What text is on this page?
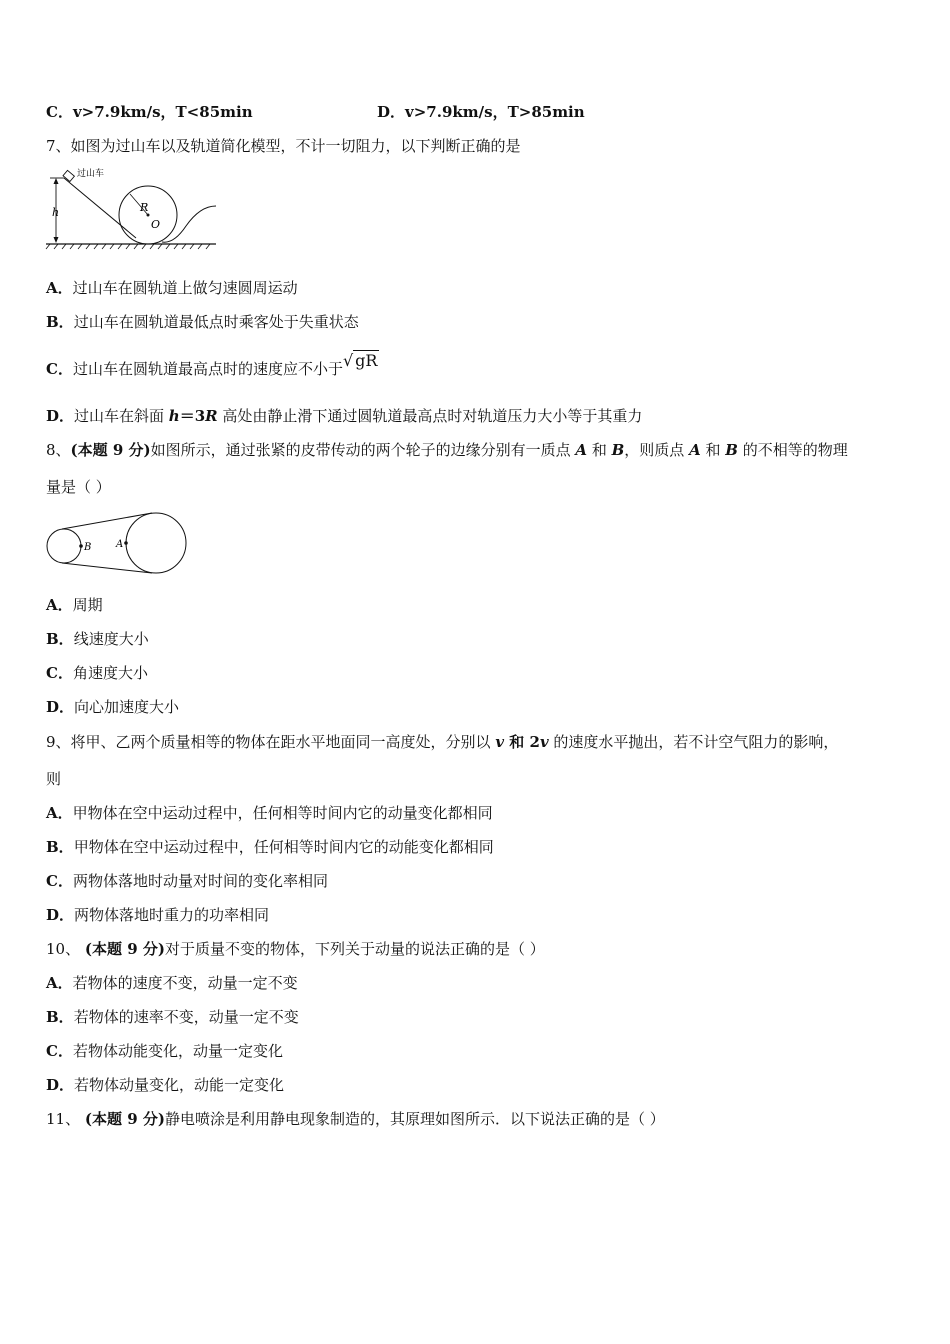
C．v>7.9km/s，T<85min	D．v>7.9km/s，T>85min
7、如图为过山车以及轨道简化模型，不计一切阻力，以下判断正确的是
h
过山车
R
O
A．过山车在圆轨道上做匀速圆周运动
B．过山车在圆轨道最低点时乘客处于失重状态
C．过山车在圆轨道最高点时的速度应不小于√ gR
D．过山车在斜面 h＝3R 高处由静止滑下通过圆轨道最高点时对轨道压力大小等于其重力
8、(本题 9 分)如图所示，通过张紧的皮带传动的两个轮子的边缘分别有一质点 A 和 B，则质点 A 和 B 的不相等的物理
量是（ ）
B A
A．周期
B．线速度大小
C．角速度大小
D．向心加速度大小
9、将甲、乙两个质量相等的物体在距水平地面同一高度处，分别以 v 和 2v 的速度水平抛出，若不计空气阻力的影响，
则
A．甲物体在空中运动过程中，任何相等时间内它的动量变化都相同
B．甲物体在空中运动过程中，任何相等时间内它的动能变化都相同
C．两物体落地时动量对时间的变化率相同
D．两物体落地时重力的功率相同
10、 (本题 9 分)对于质量不变的物体，下列关于动量的说法正确的是（ ）
A．若物体的速度不变，动量一定不变
B．若物体的速率不变，动量一定不变
C．若物体动能变化，动量一定变化
D．若物体动量变化，动能一定变化
11、 (本题 9 分)静电喷涂是利用静电现象制造的，其原理如图所示．以下说法正确的是（ ）
